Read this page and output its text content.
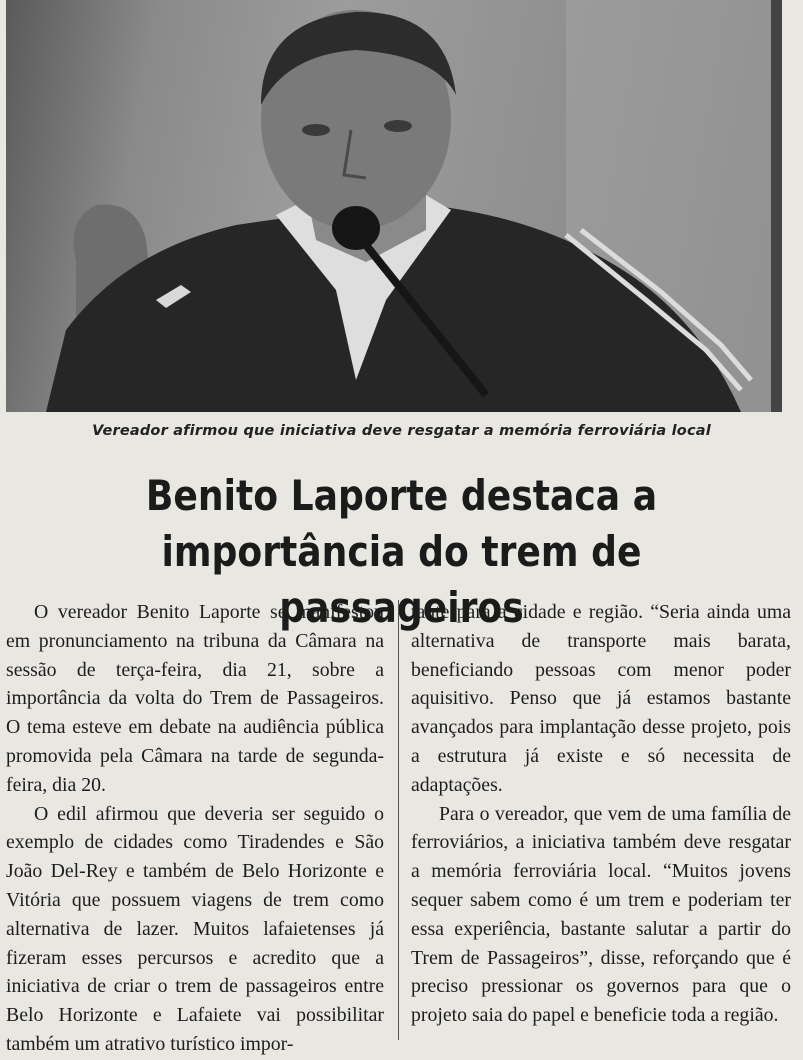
Vereador afirmou que iniciativa deve resgatar a memória ferroviária local
Benito Laporte destaca a
importância do trem de passageiros

O vereador Benito Laporte se manifestou em pronunciamento na tribuna da Câmara na sessão de terça-feira, dia 21, sobre a importância da volta do Trem de Passageiros. O tema esteve em debate na audiência pública promovida pela Câmara na tarde de segunda-feira, dia 20.

O edil afirmou que deveria ser seguido o exemplo de cidades como Tiradendes e São João Del-Rey e também de Belo Horizonte e Vitória que possuem viagens de trem como alternativa de lazer. Muitos lafaietenses já fizeram esses percursos e acredito que a iniciativa de criar o trem de passageiros entre Belo Horizonte e Lafaiete vai possibilitar também um atrativo turístico impor-

tante para a cidade e região. “Seria ainda uma alternativa de transporte mais barata, beneficiando pessoas com menor poder aquisitivo. Penso que já estamos bastante avançados para implantação desse projeto, pois a estrutura já existe e só necessita de adaptações.

Para o vereador, que vem de uma família de ferroviários, a iniciativa também deve resgatar a memória ferroviária local. “Muitos jovens sequer sabem como é um trem e poderiam ter essa experiência, bastante salutar a partir do Trem de Passageiros”, disse, reforçando que é preciso pressionar os governos para que o projeto saia do papel e beneficie toda a região.
